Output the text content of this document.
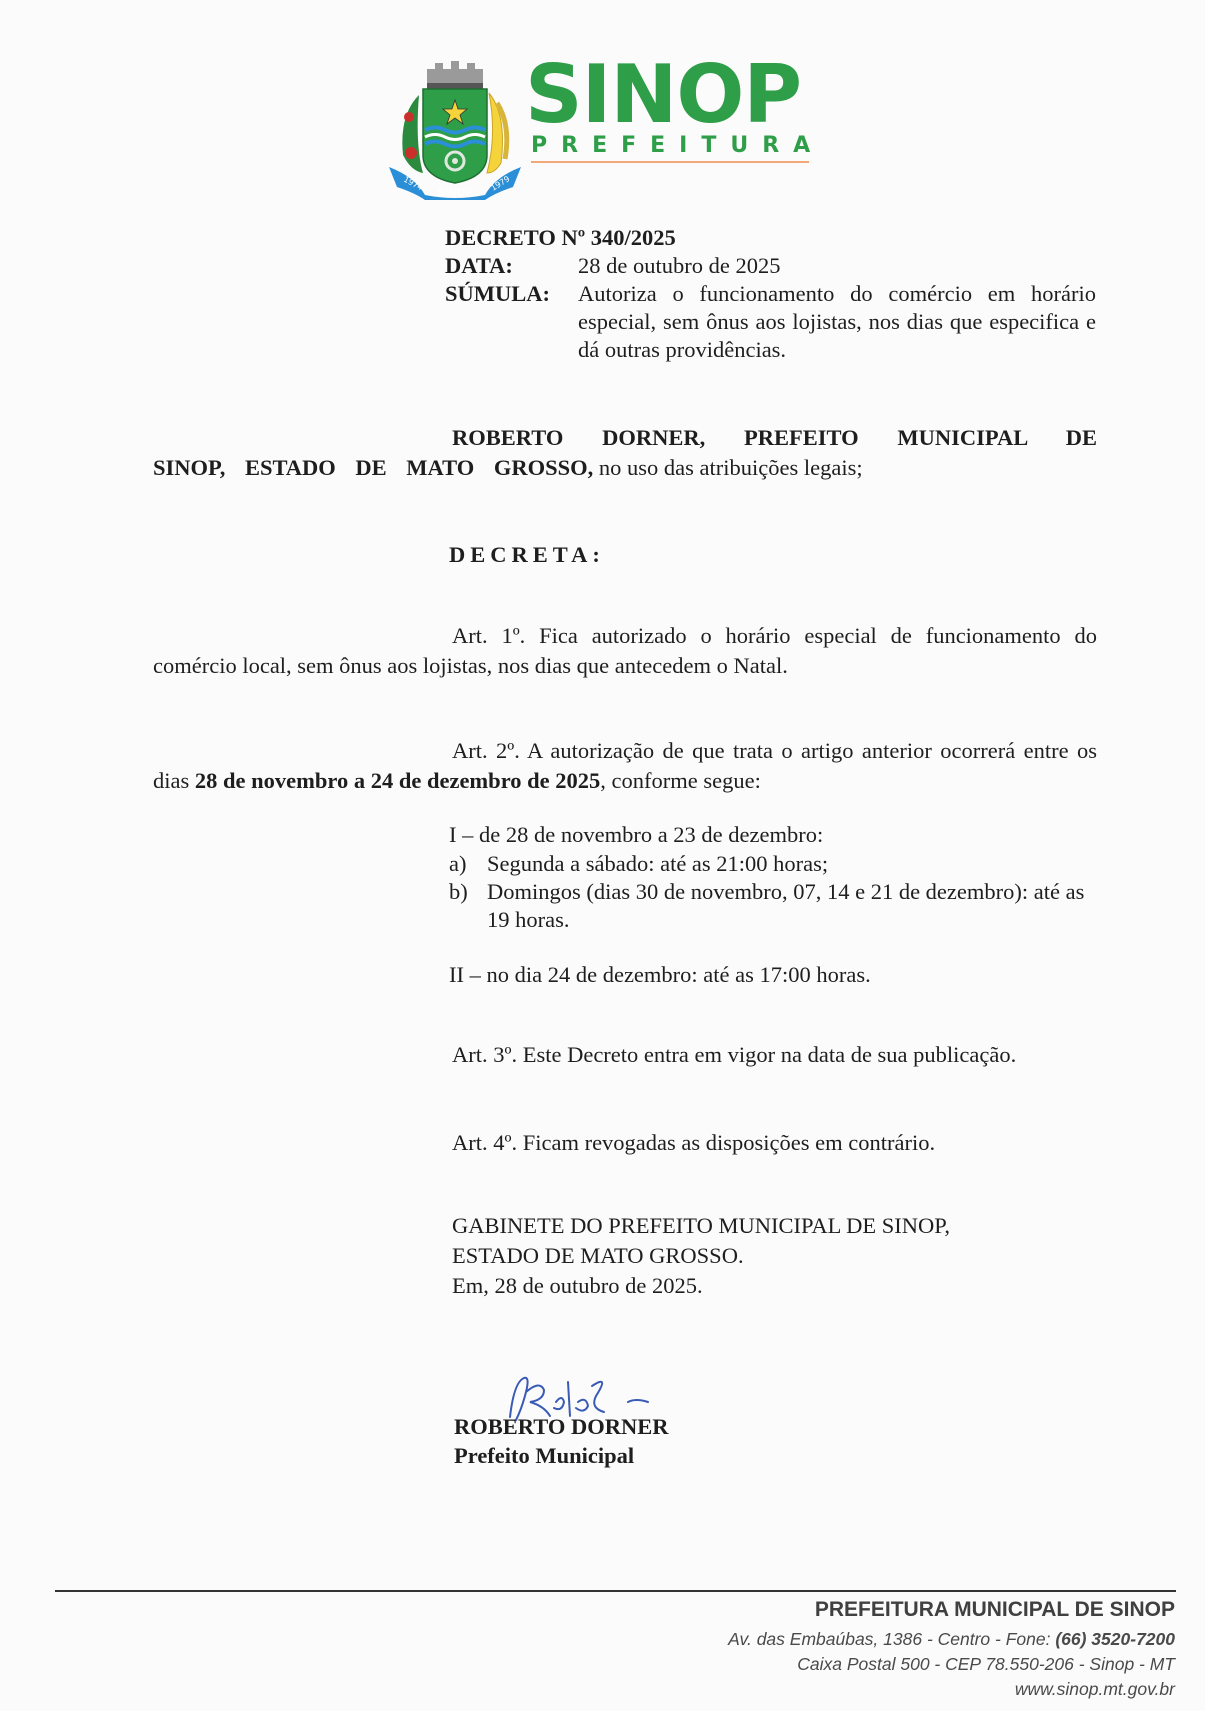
SINOP
1974	1979
SINOP
PREFEITURA
DECRETO Nº 340/2025
DATA:	28 de outubro de 2025
SÚMULA: Autoriza o funcionamento do comércio em horário especial, sem ônus aos lojistas, nos dias que especifica e dá outras providências.
ROBERTO DORNER, PREFEITO MUNICIPAL DE SINOP, ESTADO DE MATO GROSSO, no uso das atribuições legais;
DECRETA:
Art. 1º. Fica autorizado o horário especial de funcionamento do comércio local, sem ônus aos lojistas, nos dias que antecedem o Natal.
Art. 2º. A autorização de que trata o artigo anterior ocorrerá entre os dias 28 de novembro a 24 de dezembro de 2025, conforme segue:
I – de 28 de novembro a 23 de dezembro:
a) Segunda a sábado: até as 21:00 horas;
b) Domingos (dias 30 de novembro, 07, 14 e 21 de dezembro): até as 19 horas.
II – no dia 24 de dezembro: até as 17:00 horas.
Art. 3º. Este Decreto entra em vigor na data de sua publicação.
Art. 4º. Ficam revogadas as disposições em contrário.
GABINETE DO PREFEITO MUNICIPAL DE SINOP,
ESTADO DE MATO GROSSO.
Em, 28 de outubro de 2025.
ROBERTO DORNER
Prefeito Municipal
PREFEITURA MUNICIPAL DE SINOP
Av. das Embaúbas, 1386 - Centro - Fone: (66) 3520-7200
Caixa Postal 500 - CEP 78.550-206 - Sinop - MT
www.sinop.mt.gov.br
